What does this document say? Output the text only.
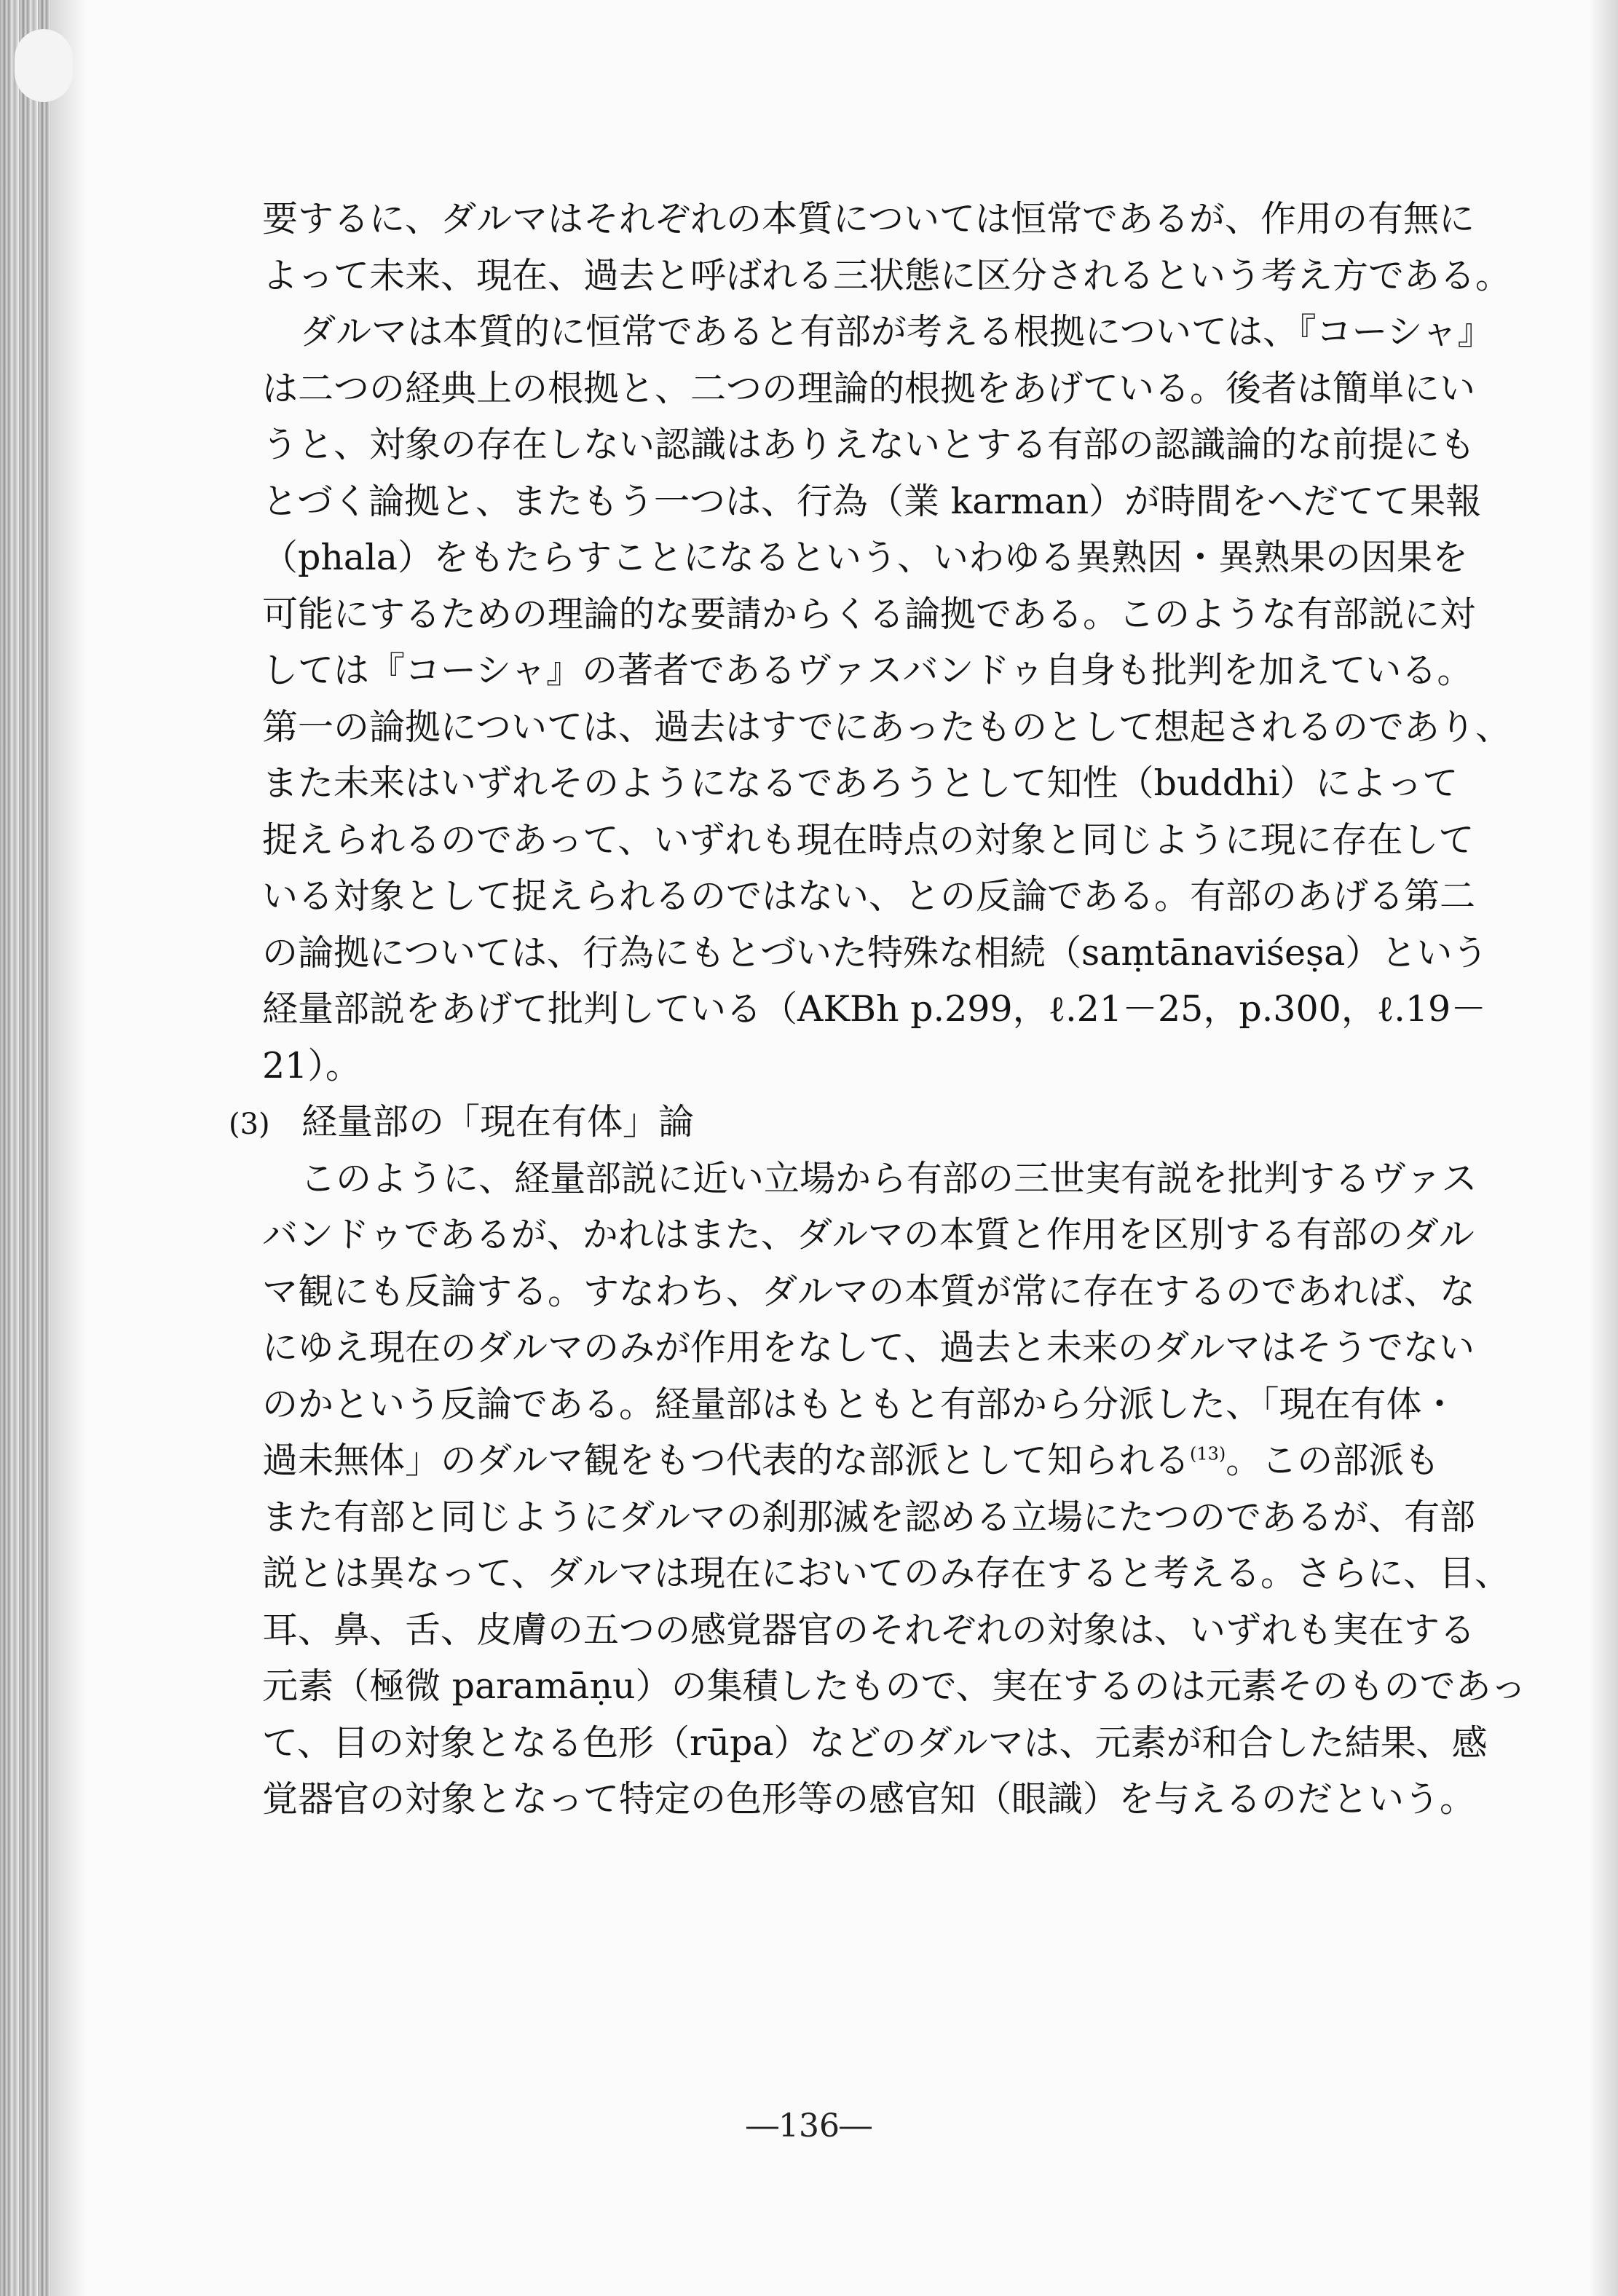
要するに、ダルマはそれぞれの本質については恒常であるが、作用の有無に
よって未来、現在、過去と呼ばれる三状態に区分されるという考え方である。
ダルマは本質的に恒常であると有部が考える根拠については、『コーシャ』
は二つの経典上の根拠と、二つの理論的根拠をあげている。後者は簡単にい
うと、対象の存在しない認識はありえないとする有部の認識論的な前提にも
とづく論拠と、またもう一つは、行為（業 karman）が時間をへだてて果報
（phala）をもたらすことになるという、いわゆる異熟因・異熟果の因果を
可能にするための理論的な要請からくる論拠である。このような有部説に対
しては『コーシャ』の著者であるヴァスバンドゥ自身も批判を加えている。
第一の論拠については、過去はすでにあったものとして想起されるのであり、
また未来はいずれそのようになるであろうとして知性（buddhi）によって
捉えられるのであって、いずれも現在時点の対象と同じように現に存在して
いる対象として捉えられるのではない、との反論である。有部のあげる第二
の論拠については、行為にもとづいた特殊な相続（saṃtānaviśeṣa）という
経量部説をあげて批判している（AKBh p.299，ℓ.21－25，p.300，ℓ.19－
21）。
(3) 経量部の「現在有体」論
このように、経量部説に近い立場から有部の三世実有説を批判するヴァス
バンドゥであるが、かれはまた、ダルマの本質と作用を区別する有部のダル
マ観にも反論する。すなわち、ダルマの本質が常に存在するのであれば、な
にゆえ現在のダルマのみが作用をなして、過去と未来のダルマはそうでない
のかという反論である。経量部はもともと有部から分派した、「現在有体・
過未無体」のダルマ観をもつ代表的な部派として知られる$^{(13)}$。この部派も
また有部と同じようにダルマの刹那滅を認める立場にたつのであるが、有部
説とは異なって、ダルマは現在においてのみ存在すると考える。さらに、目、
耳、鼻、舌、皮膚の五つの感覚器官のそれぞれの対象は、いずれも実在する
元素（極微 paramāṇu）の集積したもので、実在するのは元素そのものであっ
て、目の対象となる色形（rūpa）などのダルマは、元素が和合した結果、感
覚器官の対象となって特定の色形等の感官知（眼識）を与えるのだという。
―136―
